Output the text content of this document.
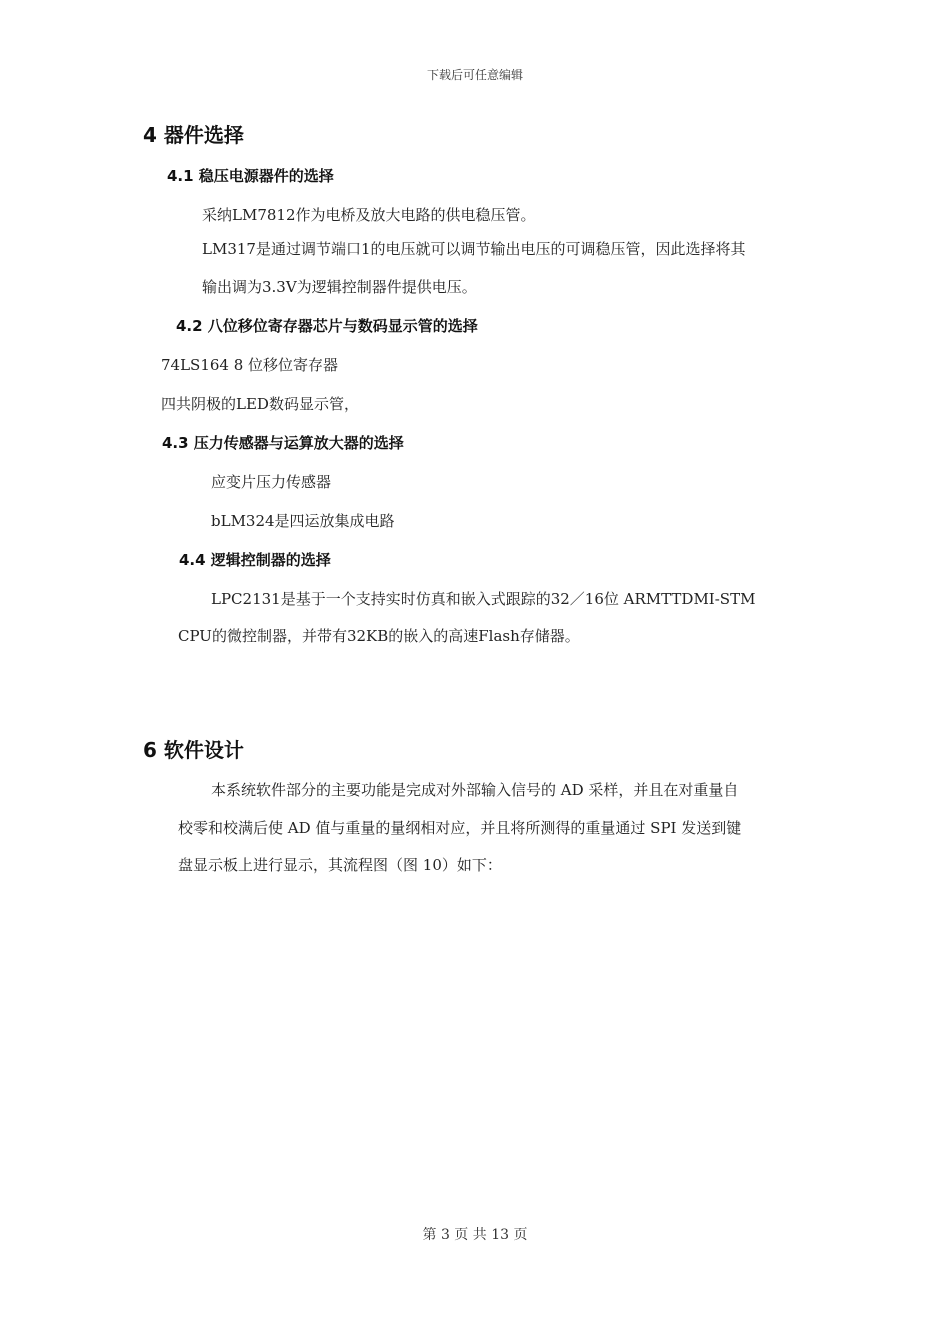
下载后可任意编辑
4 器件选择
4.1 稳压电源器件的选择
采纳LM7812作为电桥及放大电路的供电稳压管。
LM317是通过调节端口1的电压就可以调节输出电压的可调稳压管，因此选择将其
输出调为3.3V为逻辑控制器件提供电压。
4.2 八位移位寄存器芯片与数码显示管的选择
74LS164 8 位移位寄存器
四共阴极的LED数码显示管，
4.3 压力传感器与运算放大器的选择
应变片压力传感器
bLM324是四运放集成电路
4.4 逻辑控制器的选择
LPC2131是基于一个支持实时仿真和嵌入式跟踪的32／16位 ARMTTDMI-STM
CPU的微控制器，并带有32KB的嵌入的高速Flash存储器。
6 软件设计
本系统软件部分的主要功能是完成对外部输入信号的 AD 采样，并且在对重量自
校零和校满后使 AD 值与重量的量纲相对应，并且将所测得的重量通过 SPI 发送到键
盘显示板上进行显示，其流程图（图 10）如下：
第 3 页 共 13 页
